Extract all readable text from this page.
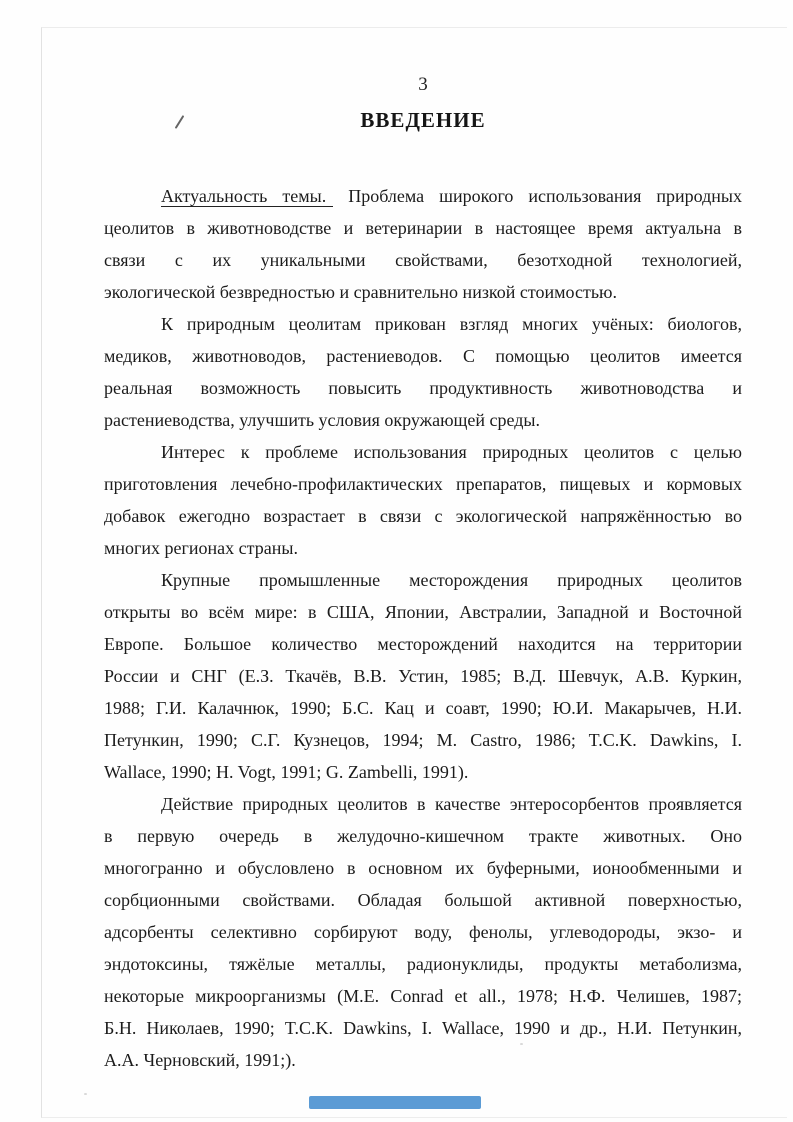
3
ВВЕДЕНИЕ
Актуальность темы. Проблема широкого использования природных
цеолитов в животноводстве и ветеринарии в настоящее время актуальна в
связи с их уникальными свойствами, безотходной технологией,
экологической безвредностью и сравнительно низкой стоимостью.
К природным цеолитам прикован взгляд многих учёных: биологов,
медиков, животноводов, растениеводов. С помощью цеолитов имеется
реальная возможность повысить продуктивность животноводства и
растениеводства, улучшить условия окружающей среды.
Интерес к проблеме использования природных цеолитов с целью
приготовления лечебно-профилактических препаратов, пищевых и кормовых
добавок ежегодно возрастает в связи с экологической напряжённостью во
многих регионах страны.
Крупные промышленные месторождения природных цеолитов
открыты во всём мире: в США, Японии, Австралии, Западной и Восточной
Европе. Большое количество месторождений находится на территории
России и СНГ (Е.З. Ткачёв, В.В. Устин, 1985; В.Д. Шевчук, А.В. Куркин,
1988; Г.И. Калачнюк, 1990; Б.С. Кац и соавт, 1990; Ю.И. Макарычев, Н.И.
Петункин, 1990; С.Г. Кузнецов, 1994; M. Castro, 1986; T.C.K. Dawkins, I.
Wallace, 1990; H. Vogt, 1991; G. Zambelli, 1991).
Действие природных цеолитов в качестве энтеросорбентов проявляется
в первую очередь в желудочно-кишечном тракте животных. Оно
многогранно и обусловлено в основном их буферными, ионообменными и
сорбционными свойствами. Обладая большой активной поверхностью,
адсорбенты селективно сорбируют воду, фенолы, углеводороды, экзо- и
эндотоксины, тяжёлые металлы, радионуклиды, продукты метаболизма,
некоторые микроорганизмы (M.E. Conrad et all., 1978; Н.Ф. Челишев, 1987;
Б.Н. Николаев, 1990; T.C.K. Dawkins, I. Wallace, 1990 и др., Н.И. Петункин,
А.А. Черновский, 1991;).
